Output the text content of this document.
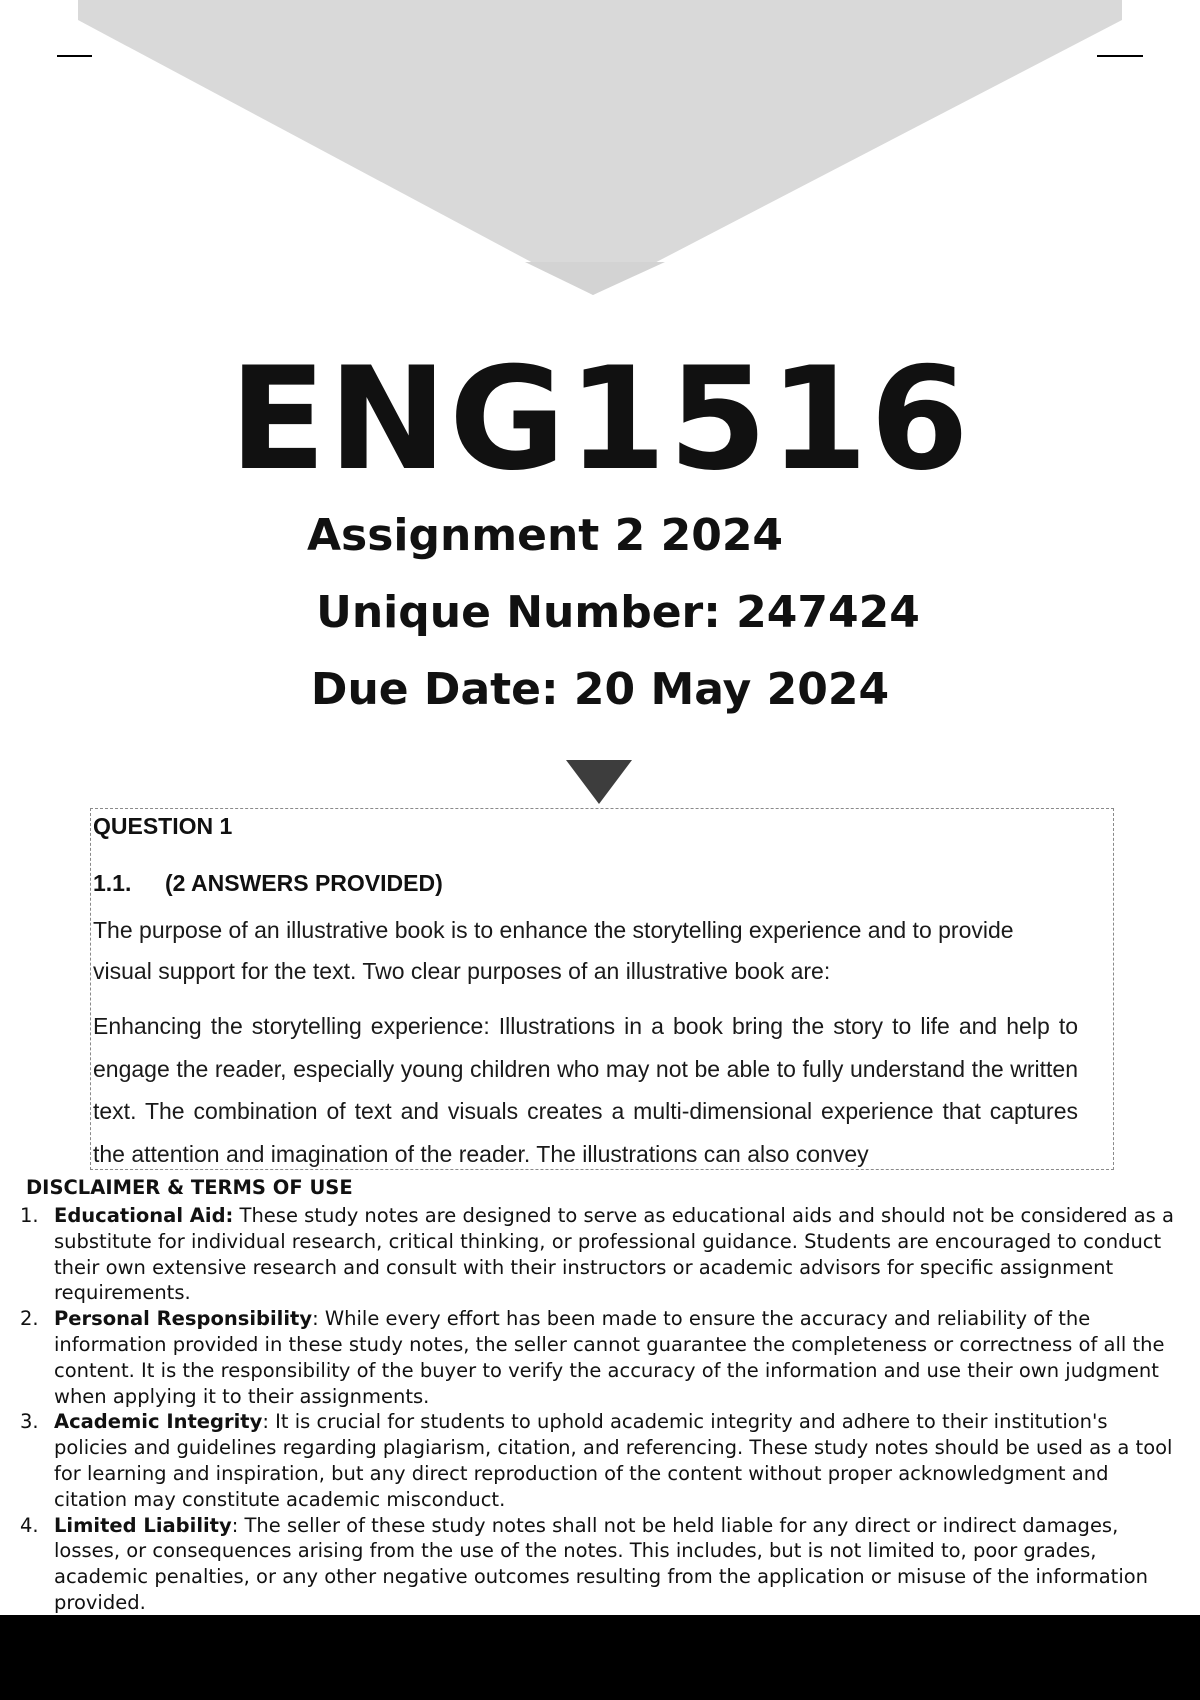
ENG1516

Assignment 2 2024

Unique Number: 247424

Due Date: 20 May 2024

QUESTION 1
1.1. (2 ANSWERS PROVIDED)
The purpose of an illustrative book is to enhance the storytelling experience and to provide visual support for the text. Two clear purposes of an illustrative book are:
Enhancing the storytelling experience: Illustrations in a book bring the story to life and help to engage the reader, especially young children who may not be able to fully understand the written text. The combination of text and visuals creates a multi-dimensional experience that captures the attention and imagination of the reader. The illustrations can also convey
DISCLAIMER & TERMS OF USE
1. Educational Aid: These study notes are designed to serve as educational aids and should not be considered as a substitute for individual research, critical thinking, or professional guidance. Students are encouraged to conduct their own extensive research and consult with their instructors or academic advisors for specific assignment requirements.
2. Personal Responsibility: While every effort has been made to ensure the accuracy and reliability of the information provided in these study notes, the seller cannot guarantee the completeness or correctness of all the content. It is the responsibility of the buyer to verify the accuracy of the information and use their own judgment when applying it to their assignments.
3. Academic Integrity: It is crucial for students to uphold academic integrity and adhere to their institution's policies and guidelines regarding plagiarism, citation, and referencing. These study notes should be used as a tool for learning and inspiration, but any direct reproduction of the content without proper acknowledgment and citation may constitute academic misconduct.
4. Limited Liability: The seller of these study notes shall not be held liable for any direct or indirect damages, losses, or consequences arising from the use of the notes. This includes, but is not limited to, poor grades, academic penalties, or any other negative outcomes resulting from the application or misuse of the information provided.
